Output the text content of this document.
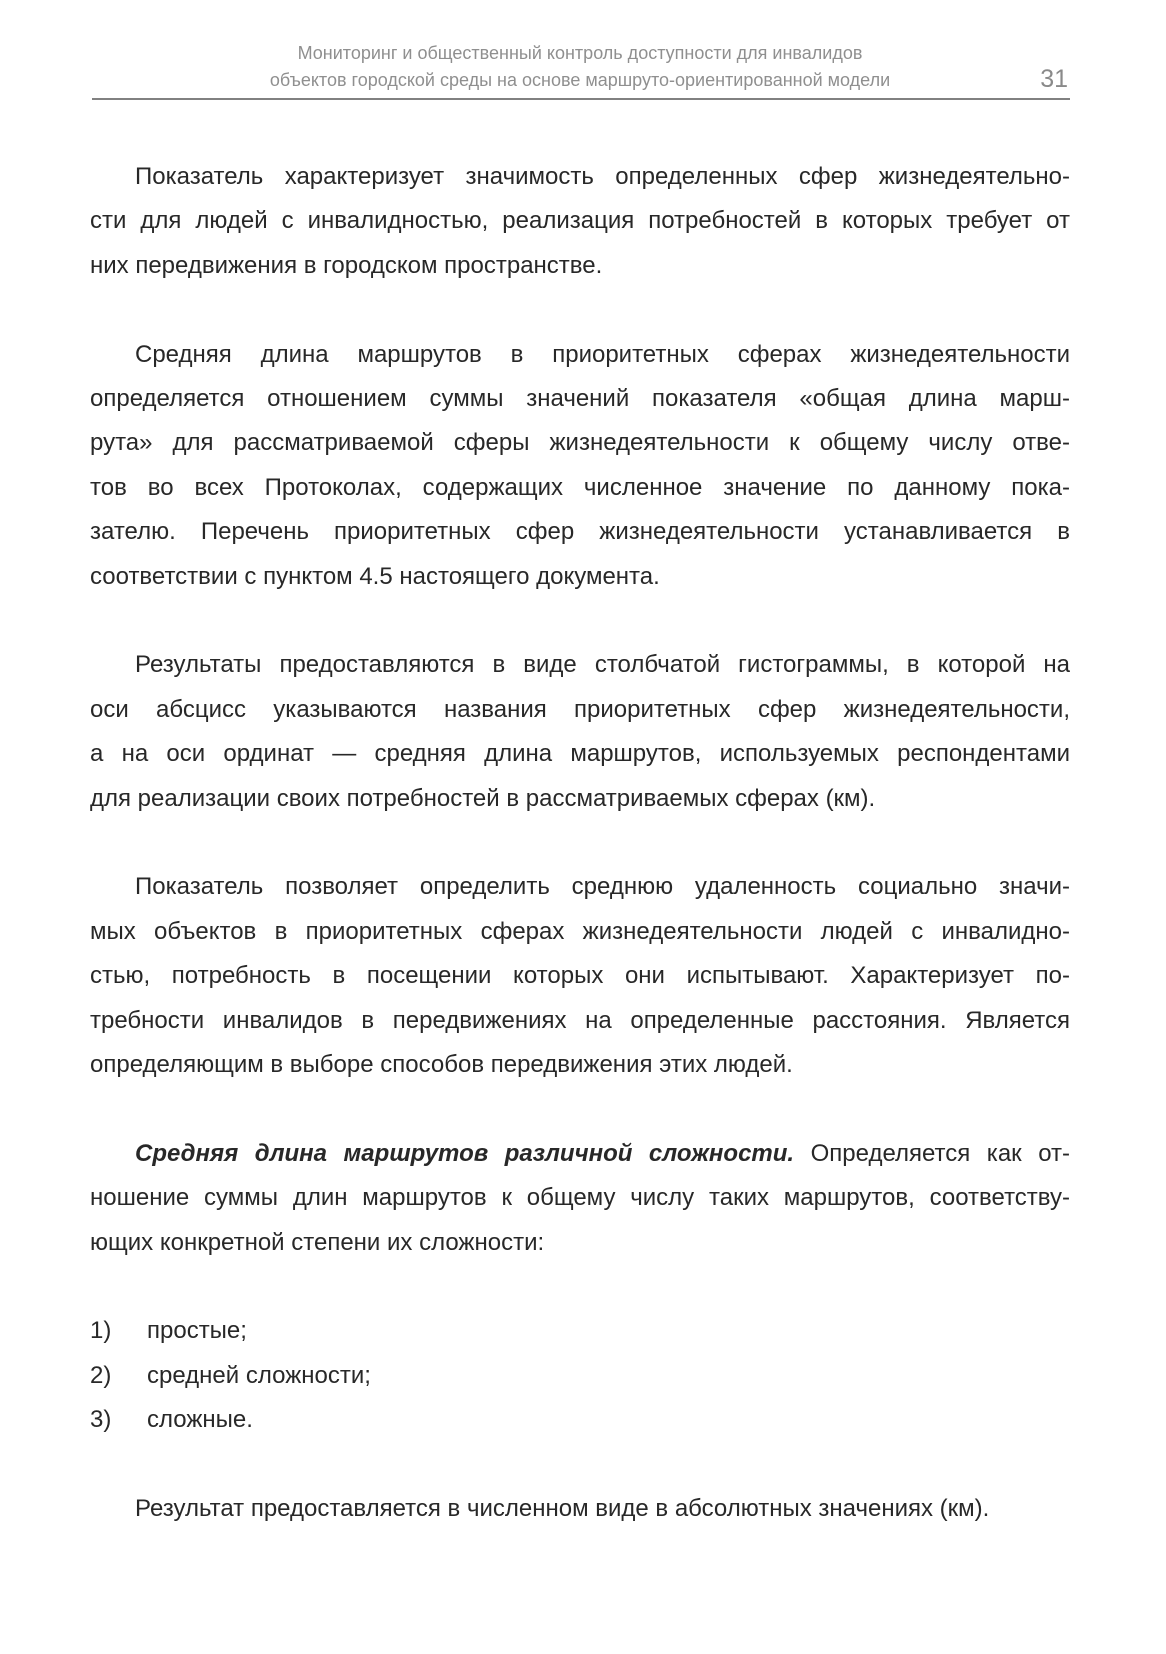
Мониторинг и общественный контроль доступности для инвалидов
объектов городской среды на основе маршруто-ориентированной модели	31
Показатель характеризует значимость определенных сфер жизнедеятельно-
сти для людей с инвалидностью, реализация потребностей в которых требует от
них передвижения в городском пространстве.
Средняя длина маршрутов в приоритетных сферах жизнедеятельности
определяется отношением суммы значений показателя «общая длина марш-
рута» для рассматриваемой сферы жизнедеятельности к общему числу отве-
тов во всех Протоколах, содержащих численное значение по данному пока-
зателю. Перечень приоритетных сфер жизнедеятельности устанавливается в
соответствии с пунктом 4.5 настоящего документа.
Результаты предоставляются в виде столбчатой гистограммы, в которой на
оси абсцисс указываются названия приоритетных сфер жизнедеятельности,
а на оси ординат — средняя длина маршрутов, используемых респондентами
для реализации своих потребностей в рассматриваемых сферах (км).
Показатель позволяет определить среднюю удаленность социально значи-
мых объектов в приоритетных сферах жизнедеятельности людей с инвалидно-
стью, потребность в посещении которых они испытывают. Характеризует по-
требности инвалидов в передвижениях на определенные расстояния. Является
определяющим в выборе способов передвижения этих людей.
Средняя длина маршрутов различной сложности. Определяется как от-
ношение суммы длин маршрутов к общему числу таких маршрутов, соответству-
ющих конкретной степени их сложности:
1)	простые;
2)	средней сложности;
3)	сложные.
Результат предоставляется в численном виде в абсолютных значениях (км).
